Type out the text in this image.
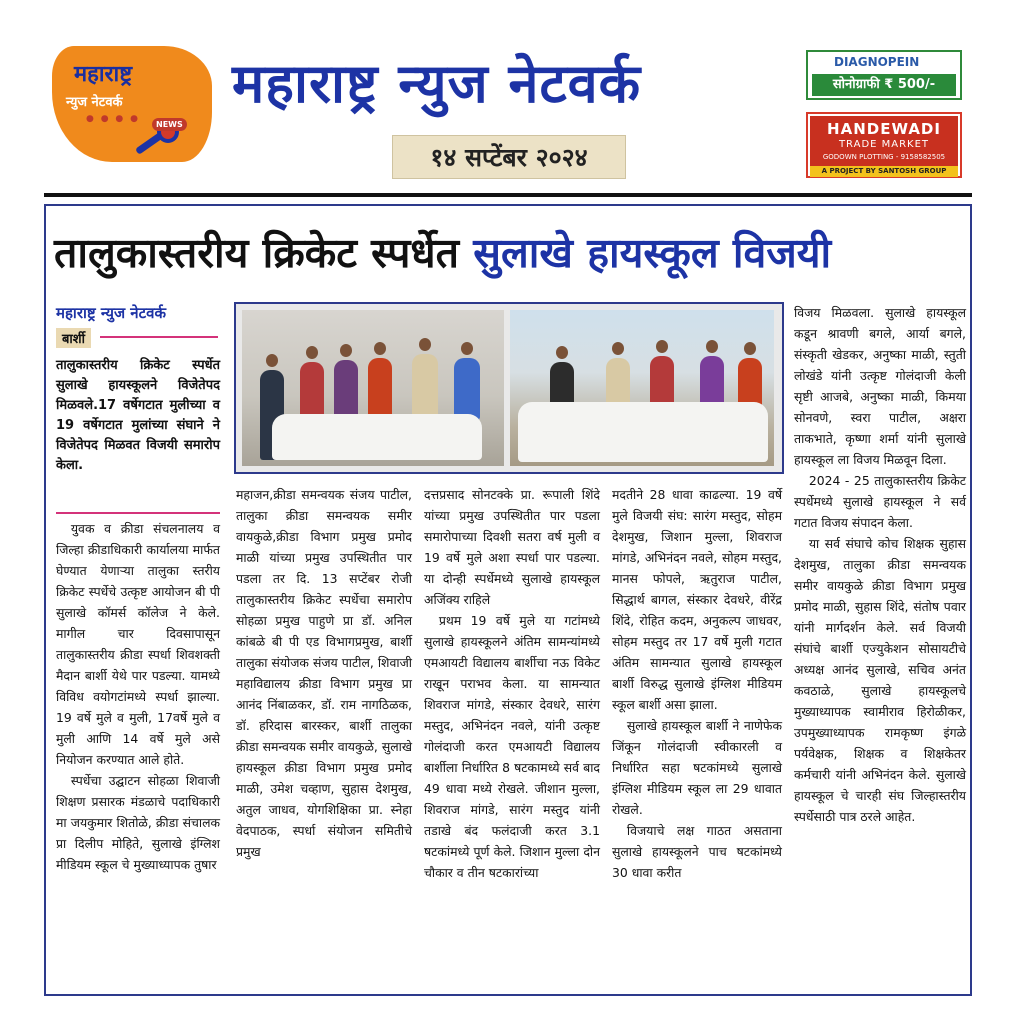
महाराष्ट्र
न्युज नेटवर्क
● ● ● ●
NEWS
महाराष्ट्र न्युज नेटवर्क
१४ सप्टेंबर २०२४
DIAGNOPEIN
सोनोग्राफी ₹ 500/-
HANDEWADI
TRADE MARKET
GODOWN PLOTTING - 9158582505
A PROJECT BY SANTOSH GROUP
तालुकास्तरीय क्रिकेट स्पर्धेत सुलाखे हायस्कूल विजयी
महाराष्ट्र न्युज नेटवर्क
बार्शी
तालुकास्तरीय क्रिकेट स्पर्धेत सुलाखे हायस्कूलने विजेतेपद मिळवले.17 वर्षेगटात मुलीच्या व 19 वर्षेगटात मुलांच्या संघाने ने विजेतेपद मिळवत विजयी समारोप केला.

युवक व क्रीडा संचलनालय व जिल्हा क्रीडाधिकारी कार्यालया मार्फत घेण्यात येणाऱ्या तालुका स्तरीय क्रिकेट स्पर्धेचे उत्कृष्ट आयोजन बी पी सुलाखे कॉमर्स कॉलेज ने केले. मागील चार दिवसापासून तालुकास्तरीय क्रीडा स्पर्धा शिवशक्ती मैदान बार्शी येथे पार पडल्या. यामध्ये विविध वयोगटांमध्ये स्पर्धा झाल्या. 19 वर्षे मुले व मुली, 17वर्षे मुले व मुली आणि 14 वर्षे मुले असे नियोजन करण्यात आले होते.

स्पर्धेचा उद्घाटन सोहळा शिवाजी शिक्षण प्रसारक मंडळाचे पदाधिकारी मा जयकुमार शितोळे, क्रीडा संचालक प्रा दिलीप मोहिते, सुलाखे इंग्लिश मीडियम स्कूल चे मुख्याध्यापक तुषार

महाजन,क्रीडा समन्वयक संजय पाटील, तालुका क्रीडा समन्वयक समीर वायकुळे,क्रीडा विभाग प्रमुख प्रमोद माळी यांच्या प्रमुख उपस्थितीत पार पडला तर दि. 13 सप्टेंबर रोजी तालुकास्तरीय क्रिकेट स्पर्धेचा समारोप सोहळा प्रमुख पाहुणे प्रा डॉ. अनिल कांबळे बी पी एड विभागप्रमुख, बार्शी तालुका संयोजक संजय पाटील, शिवाजी महाविद्यालय क्रीडा विभाग प्रमुख प्रा आनंद निंबाळकर, डॉ. राम नागठिळक, डॉ. हरिदास बारस्कर, बार्शी तालुका क्रीडा समन्वयक समीर वायकुळे, सुलाखे हायस्कूल क्रीडा विभाग प्रमुख प्रमोद माळी, उमेश चव्हाण, सुहास देशमुख, अतुल जाधव, योगशिक्षिका प्रा. स्नेहा वेदपाठक, स्पर्धा संयोजन समितीचे प्रमुख

दत्तप्रसाद सोनटक्के प्रा. रूपाली शिंदे यांच्या प्रमुख उपस्थितीत पार पडला समारोपाच्या दिवशी सतरा वर्ष मुली व 19 वर्षे मुले अशा स्पर्धा पार पडल्या. या दोन्ही स्पर्धेमध्ये सुलाखे हायस्कूल अजिंक्य राहिले

प्रथम 19 वर्षे मुले या गटांमध्ये सुलाखे हायस्कूलने अंतिम सामन्यांमध्ये एमआयटी विद्यालय बार्शीचा नऊ विकेट राखून पराभव केला. या सामन्यात शिवराज मांगडे, संस्कार देवधरे, सारंग मस्तुद, अभिनंदन नवले, यांनी उत्कृष्ट गोलंदाजी करत एमआयटी विद्यालय बार्शीला निर्धारित 8 षटकामध्ये सर्व बाद 49 धावा मध्ये रोखले. जीशान मुल्ला, शिवराज मांगडे, सारंग मस्तुद यांनी तडाखे बंद फलंदाजी करत 3.1 षटकांमध्ये पूर्ण केले. जिशान मुल्ला दोन चौकार व तीन षटकारांच्या

मदतीने 28 धावा काढल्या. 19 वर्षे मुले विजयी संघ: सारंग मस्तुद, सोहम देशमुख, जिशान मुल्ला, शिवराज मांगडे, अभिनंदन नवले, सोहम मस्तुद, मानस फोपले, ऋतुराज पाटील, सिद्धार्थ बागल, संस्कार देवधरे, वीरेंद्र शिंदे, रोहित कदम, अनुकल्प जाधवर, सोहम मस्तुद तर 17 वर्षे मुली गटात अंतिम सामन्यात सुलाखे हायस्कूल बार्शी विरुद्ध सुलाखे इंग्लिश मीडियम स्कूल बार्शी असा झाला.

सुलाखे हायस्कूल बार्शी ने नाणेफेक जिंकून गोलंदाजी स्वीकारली व निर्धारित सहा षटकांमध्ये सुलाखे इंग्लिश मीडियम स्कूल ला 29 धावात रोखले.

विजयाचे लक्ष गाठत असताना सुलाखे हायस्कूलने पाच षटकांमध्ये 30 धावा करीत

विजय मिळवला. सुलाखे हायस्कूल कडून श्रावणी बगले, आर्या बगले, संस्कृती खेडकर, अनुष्का माळी, स्तुती लोखंडे यांनी उत्कृष्ट गोलंदाजी केली सृष्टी आजबे, अनुष्का माळी, किमया सोनवणे, स्वरा पाटील, अक्षरा ताकभाते, कृष्णा शर्मा यांनी सुलाखे हायस्कूल ला विजय मिळवून दिला.

2024 - 25 तालुकास्तरीय क्रिकेट स्पर्धेमध्ये सुलाखे हायस्कूल ने सर्व गटात विजय संपादन केला.

या सर्व संघाचे कोच शिक्षक सुहास देशमुख, तालुका क्रीडा समन्वयक समीर वायकुळे क्रीडा विभाग प्रमुख प्रमोद माळी, सुहास शिंदे, संतोष पवार यांनी मार्गदर्शन केले. सर्व विजयी संघांचे बार्शी एज्युकेशन सोसायटीचे अध्यक्ष आनंद सुलाखे, सचिव अनंत कवठाळे, सुलाखे हायस्कूलचे मुख्याध्यापक स्वामीराव हिरोळीकर, उपमुख्याध्यापक रामकृष्ण इंगळे पर्यवेक्षक, शिक्षक व शिक्षकेतर कर्मचारी यांनी अभिनंदन केले. सुलाखे हायस्कूल चे चारही संघ जिल्हास्तरीय स्पर्धेसाठी पात्र ठरले आहेत.
